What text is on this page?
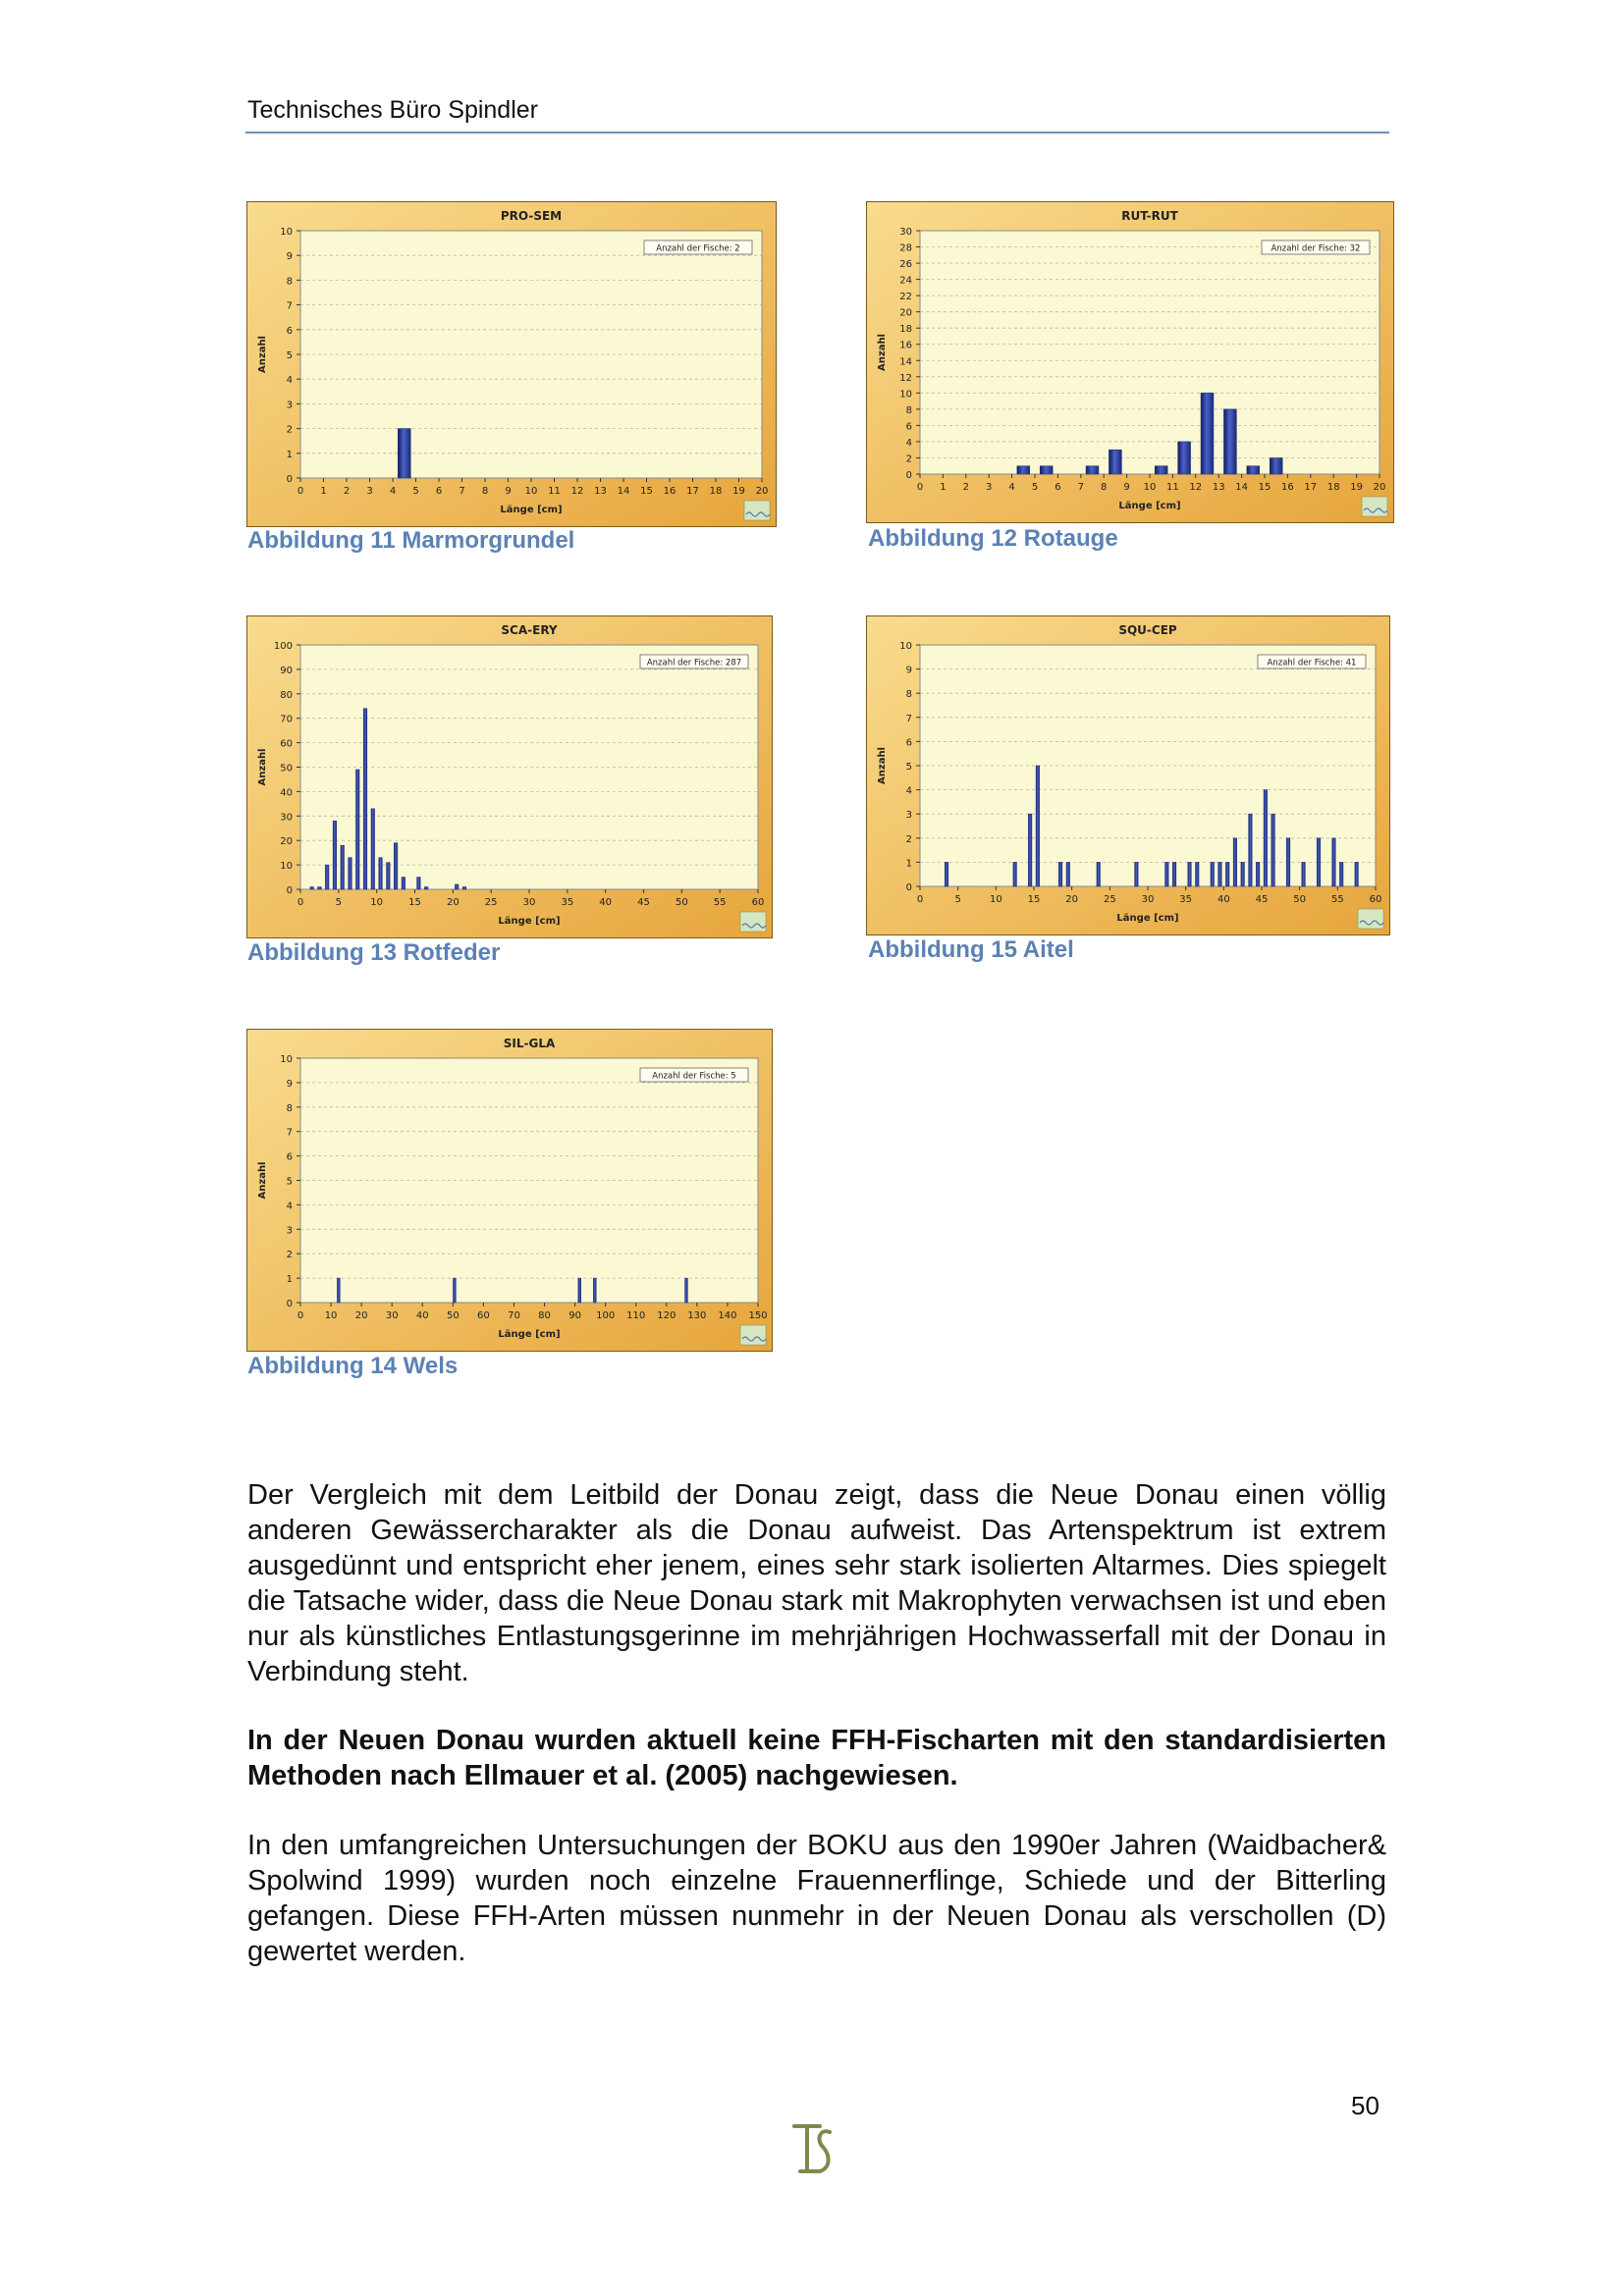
Technisches Büro Spindler
0
1
2
3
4
5
6
7
8
9
10
0 1 2 3 4 5 6 7 8 9 10 11 12 13 14 15 16 17 18 19 20
PRO-SEM
Anzahl der Fische: 2
Länge [cm]
Anzahl
Abbildung 11 Marmorgrundel
0
2
4
6
8
10
12
14
16
18
20
22
24
26
28
30
0 1 2 3 4 5 6 7 8 9 10 11 12 13 14 15 16 17 18 19 20
RUT-RUT
Anzahl der Fische: 32
Länge [cm]
Anzahl
Abbildung 12 Rotauge
0
10
20
30
40
50
60
70
80
90
100
0	5	10	15	20	25	30	35	40	45	50	55	60
SCA-ERY
Anzahl der Fische: 287
Länge [cm]
Anzahl
Abbildung 13 Rotfeder
0
1
2
3
4
5
6
7
8
9
10
0	5	10	15	20	25	30	35	40	45	50	55	60
SQU-CEP
Anzahl der Fische: 41
Länge [cm]
Anzahl
Abbildung 15 Aitel
0
1
2
3
4
5
6
7
8
9
10
0 10 20 30 40 50 60 70 80 90 100 110 120 130 140 150
SIL-GLA
Anzahl der Fische: 5
Länge [cm]
Anzahl
Abbildung 14 Wels
Der Vergleich mit dem Leitbild der Donau zeigt, dass die Neue Donau einen völlig anderen Gewässercharakter als die Donau aufweist. Das Artenspektrum ist extrem ausgedünnt und entspricht eher jenem, eines sehr stark isolierten Altarmes. Dies spiegelt die Tatsache wider, dass die Neue Donau stark mit Makrophyten verwachsen ist und eben nur als künstliches Entlastungsgerinne im mehrjährigen Hochwasserfall mit der Donau in Verbindung steht.
In der Neuen Donau wurden aktuell keine FFH-Fischarten mit den standardisierten Methoden nach Ellmauer et al. (2005) nachgewiesen.
In den umfangreichen Untersuchungen der BOKU aus den 1990er Jahren (Waidbacher& Spolwind 1999) wurden noch einzelne Frauennerflinge, Schiede und der Bitterling gefangen. Diese FFH-Arten müssen nunmehr in der Neuen Donau als verschollen (D) gewertet werden.
50
TS
